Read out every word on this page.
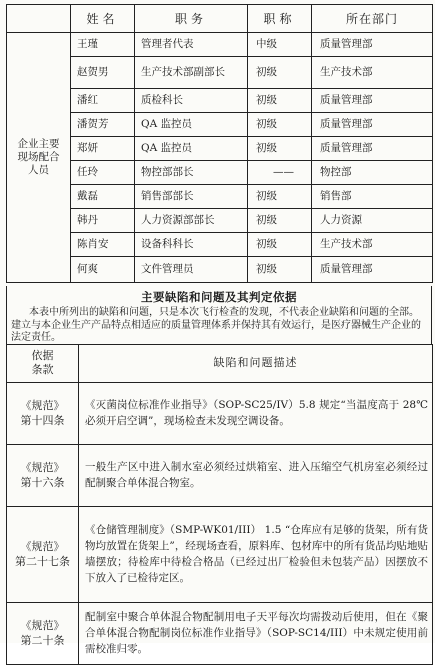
	姓名	职务	职称	所在部门

企业主要
现场配合
人员	王瑾	管理者代表	中级	质量管理部
	赵贺男	生产技术部副部长	初级	生产技术部
	潘红	质检科长	初级	质量管理部
	潘贺芳	QA 监控员	初级	质量管理部
	郑妍	QA 监控员	初级	质量管理部
	任玲	物控部部长	——	物控部
	戴磊	销售部部长	初级	销售部
	韩丹	人力资源部部长	初级	人力资源
	陈肖安	设备科科长	初级	生产技术部
	何爽	文件管理员	初级	质量管理部
主要缺陷和问题及其判定依据
本表中所列出的缺陷和问题，只是本次飞行检查的发现，不代表企业缺陷和问题的全部。建立与本企业生产产品特点相适应的质量管理体系并保持其有效运行，是医疗器械生产企业的法定责任。
依据
条款	缺陷和问题描述

《规范》
第十四条	《灭菌岗位标准作业指导》（SOP-SC25/IV）5.8 规定“当温度高于 28℃必须开启空调”，现场检查未发现空调设备。

《规范》
第十六条	一般生产区中进入制水室必须经过烘箱室、进入压缩空气机房室必须经过配制聚合单体混合物室。

《规范》
第二十七条	《仓储管理制度》（SMP-WK01/III） 1.5 “仓库应有足够的货架，所有货物均放置在货架上”，经现场查看，原料库、包材库中的所有货品均贴地贴墙摆放；待检库中待检合格品（已经过出厂检验但未包装产品）因摆放不下放入了已检待定区。

《规范》
第二十条	配制室中聚合单体混合物配制用电子天平每次均需拨动后使用，但在《聚合单体混合物配制岗位标准作业指导》（SOP-SC14/III）中未规定使用前需校准归零。
